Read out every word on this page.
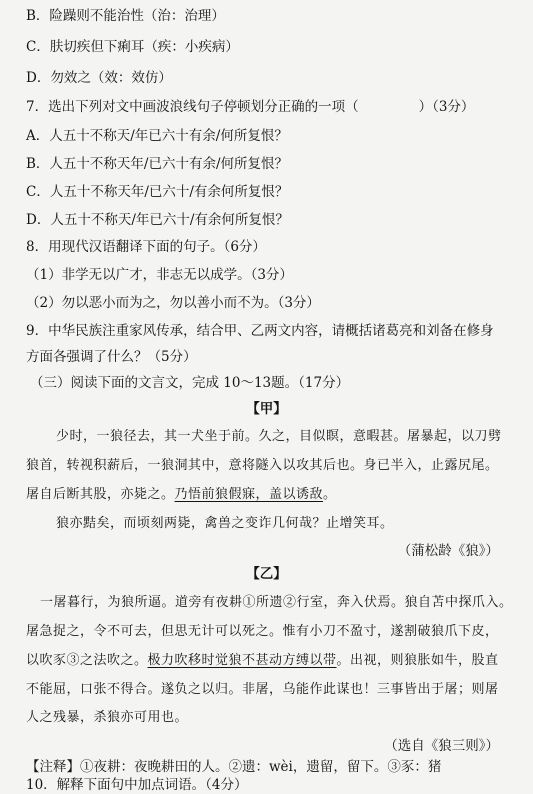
B．险躁则不能治性（治：治理）
C．肤切疾但下痢耳（疾：小疾病）
D．勿效之（效：效仿）
7．选出下列对文中画波浪线句子停顿划分正确的一项（	）（3分）
A．人五十不称天/年已六十有余/何所复恨？
B．人五十不称天年/已六十有余/何所复恨？
C．人五十不称天年/已六十/有余何所复恨？
D．人五十不称天/年已六十/有余何所复恨？
8．用现代汉语翻译下面的句子。（6分）
（1）非学无以广才，非志无以成学。（3分）
（2）勿以恶小而为之，勿以善小而不为。（3分）
9．中华民族注重家风传承，结合甲、乙两文内容，请概括诸葛亮和刘备在修身
方面各强调了什么？（5分）
（三）阅读下面的文言文，完成 10～13题。（17分）
【甲】
少时，一狼径去，其一犬坐于前。久之，目似瞑，意暇甚。屠暴起，以刀劈
狼首，转视积薪后，一狼洞其中，意将隧入以攻其后也。身已半入，止露尻尾。
屠自后断其股，亦毙之。乃悟前狼假寐，盖以诱敌。
狼亦黠矣，而顷刻两毙，禽兽之变诈几何哉？止增笑耳。
（蒲松龄《狼》）
【乙】
一屠暮行，为狼所逼。道旁有夜耕①所遗②行室，奔入伏焉。狼自苫中探爪入。
屠急捉之，令不可去，但思无计可以死之。惟有小刀不盈寸，遂割破狼爪下皮，
以吹豕③之法吹之。极力吹移时觉狼不甚动方缚以带。出视，则狼胀如牛，股直
不能屈，口张不得合。遂负之以归。非屠，乌能作此谋也！三事皆出于屠；则屠
人之残暴，杀狼亦可用也。
（选自《狼三则》）
【注释】①夜耕：夜晚耕田的人。②遗：wèi，遗留，留下。③豕：猪
10．解释下面句中加点词语。（4分）
